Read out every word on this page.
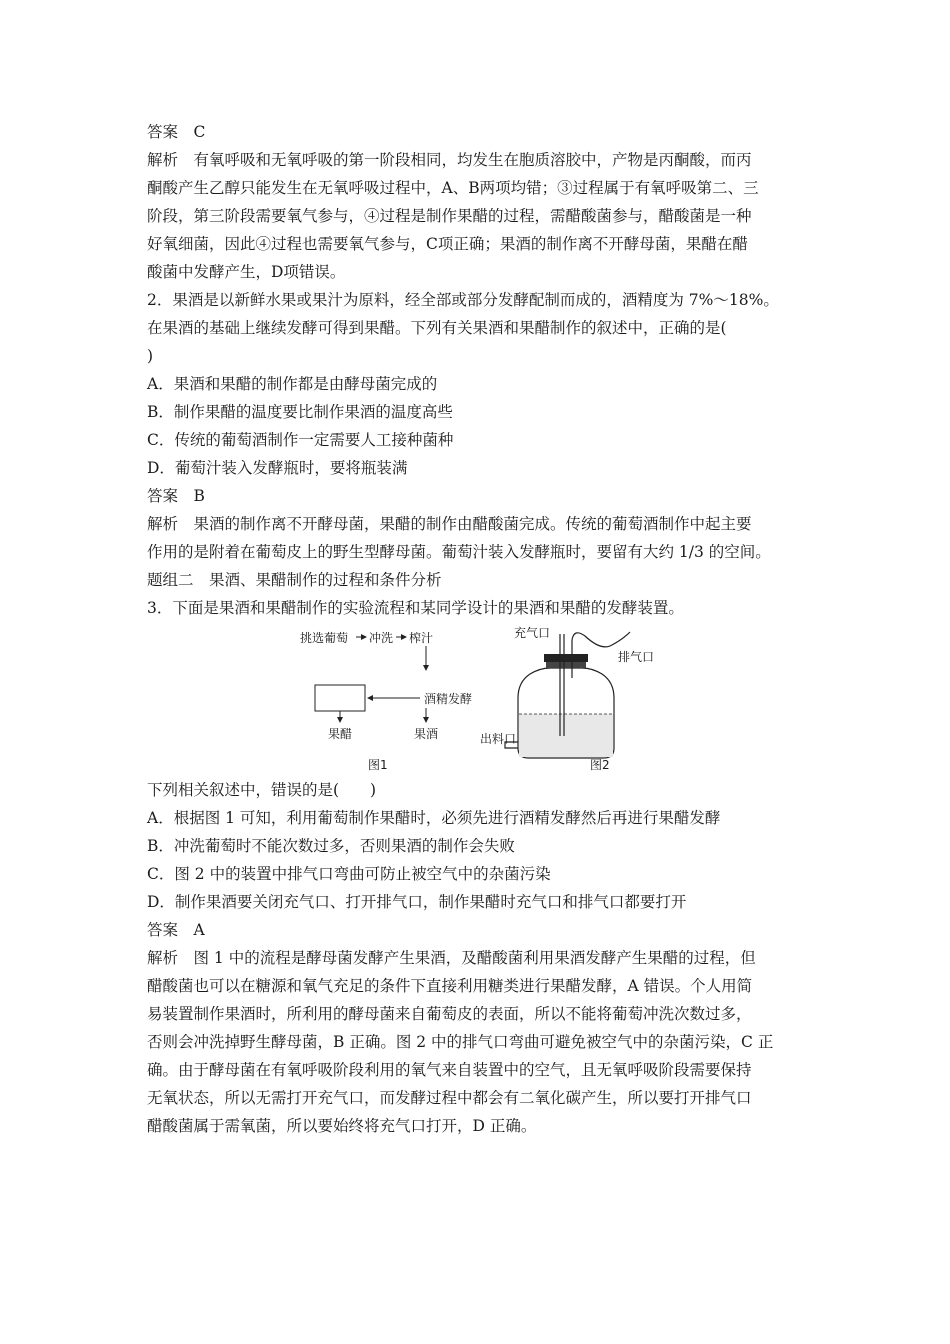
答案　C
解析　有氧呼吸和无氧呼吸的第一阶段相同，均发生在胞质溶胶中，产物是丙酮酸，而丙
酮酸产生乙醇只能发生在无氧呼吸过程中，A、B两项均错；③过程属于有氧呼吸第二、三
阶段，第三阶段需要氧气参与，④过程是制作果醋的过程，需醋酸菌参与，醋酸菌是一种
好氧细菌，因此④过程也需要氧气参与，C项正确；果酒的制作离不开酵母菌，果醋在醋
酸菌中发酵产生，D项错误。
2．果酒是以新鲜水果或果汁为原料，经全部或部分发酵配制而成的，酒精度为 7%～18%。
在果酒的基础上继续发酵可得到果醋。下列有关果酒和果醋制作的叙述中，正确的是(
)
A．果酒和果醋的制作都是由酵母菌完成的
B．制作果醋的温度要比制作果酒的温度高些
C．传统的葡萄酒制作一定需要人工接种菌种
D．葡萄汁装入发酵瓶时，要将瓶装满
答案　B
解析　果酒的制作离不开酵母菌，果醋的制作由醋酸菌完成。传统的葡萄酒制作中起主要
作用的是附着在葡萄皮上的野生型酵母菌。葡萄汁装入发酵瓶时，要留有大约 1/3 的空间。
题组二　果酒、果醋制作的过程和条件分析
3．下面是果酒和果醋制作的实验流程和某同学设计的果酒和果醋的发酵装置。
挑选葡萄 冲洗 榨汁
酒精发酵
果醋	果酒
图1
充气口
排气口
出料口
图2
下列相关叙述中，错误的是(　　)
A．根据图 1 可知，利用葡萄制作果醋时，必须先进行酒精发酵然后再进行果醋发酵
B．冲洗葡萄时不能次数过多，否则果酒的制作会失败
C．图 2 中的装置中排气口弯曲可防止被空气中的杂菌污染
D．制作果酒要关闭充气口、打开排气口，制作果醋时充气口和排气口都要打开
答案　A
解析　图 1 中的流程是酵母菌发酵产生果酒，及醋酸菌利用果酒发酵产生果醋的过程，但
醋酸菌也可以在糖源和氧气充足的条件下直接利用糖类进行果醋发酵，A 错误。个人用简
易装置制作果酒时，所利用的酵母菌来自葡萄皮的表面，所以不能将葡萄冲洗次数过多，
否则会冲洗掉野生酵母菌，B 正确。图 2 中的排气口弯曲可避免被空气中的杂菌污染，C 正
确。由于酵母菌在有氧呼吸阶段利用的氧气来自装置中的空气，且无氧呼吸阶段需要保持
无氧状态，所以无需打开充气口，而发酵过程中都会有二氧化碳产生，所以要打开排气口
醋酸菌属于需氧菌，所以要始终将充气口打开，D 正确。
